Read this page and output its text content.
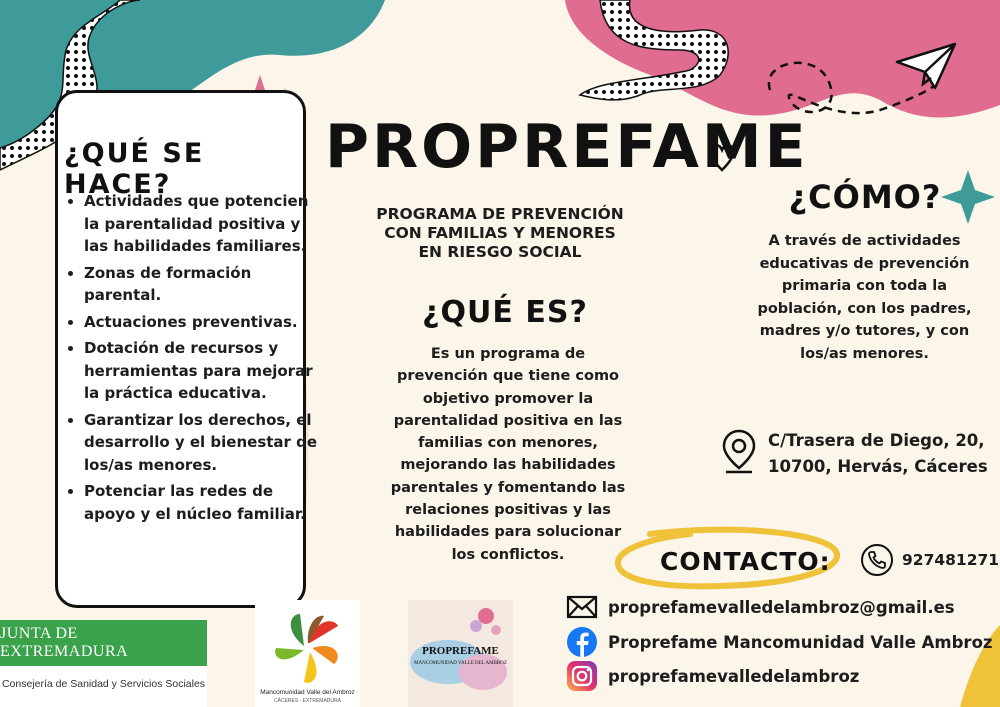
¿QUÉ SE HACE?
• Actividades que potencien la parentalidad positiva y las habilidades familiares.
• Zonas de formación parental.
• Actuaciones preventivas.
• Dotación de recursos y herramientas para mejorar la práctica educativa.
• Garantizar los derechos, el desarrollo y el bienestar de los/as menores.
• Potenciar las redes de apoyo y el núcleo familiar.
PROPREFAME
PROGRAMA DE PREVENCIÓN
CON FAMILIAS Y MENORES
EN RIESGO SOCIAL
¿QUÉ ES?
Es un programa de prevención que tiene como objetivo promover la parentalidad positiva en las familias con menores, mejorando las habilidades parentales y fomentando las relaciones positivas y las habilidades para solucionar los conflictos.
¿CÓMO?
A través de actividades educativas de prevención primaria con toda la población, con los padres, madres y/o tutores, y con los/as menores.
C/Trasera de Diego, 20,
10700, Hervás, Cáceres
CONTACTO:	927481271
proprefamevalledelambroz@gmail.es
Proprefame Mancomunidad Valle Ambroz
proprefamevalledelambroz
JUNTA DE EXTREMADURA
Consejería de Sanidad y Servicios Sociales
Mancomunidad Valle del Ambroz
CÁCERES · EXTREMADURA
PROPREFAME
MANCOMUNIDAD VALLE DEL AMBROZ
